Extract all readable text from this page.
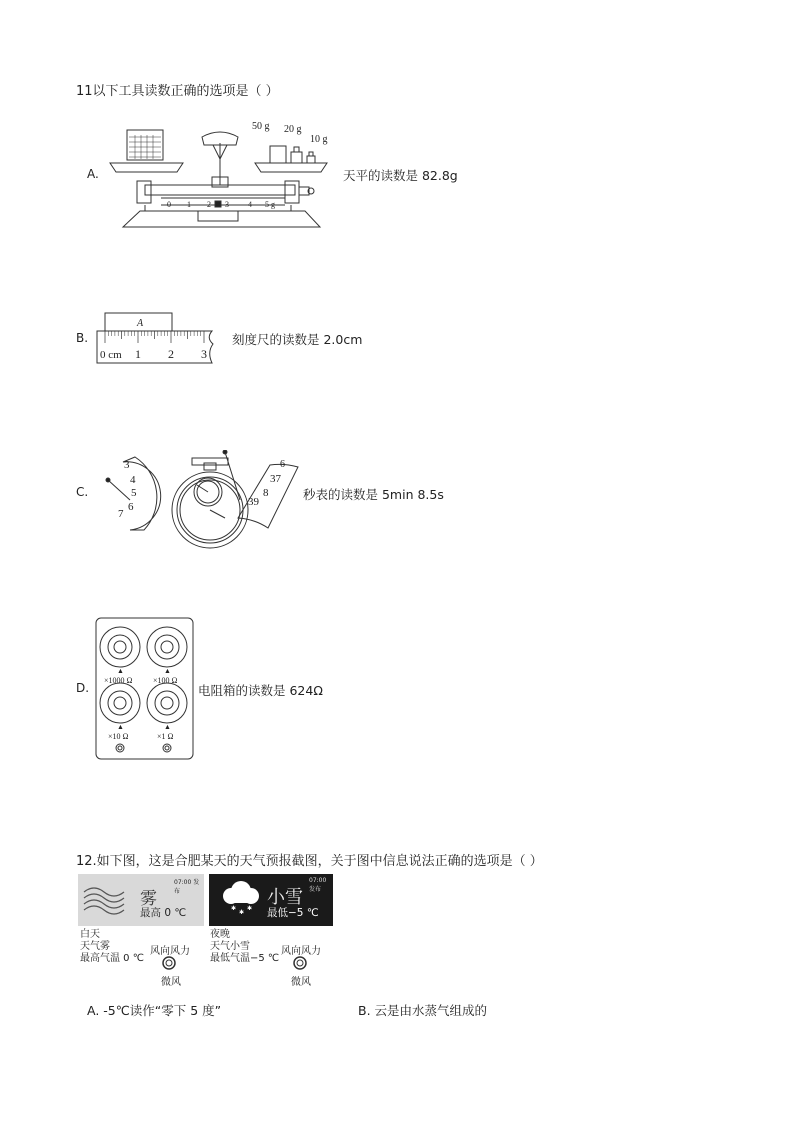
11以下工具读数正确的选项是（ ）
A.
50 g 20 g
10 g
0 1 2 3 4 5 g
天平的读数是 82.8g
B.
A
0 cm 1 2 3
刻度尺的读数是 2.0cm
C.
3
4
5
6
7
6
37
8
39	秒表的读数是 5min 8.5s
D.
▲	▲
▲	▲
×1000 Ω	×100 Ω
×10 Ω	×1 Ω
电阻箱的读数是 624Ω
12.如下图，这是合肥某天的天气预报截图，关于图中信息说法正确的选项是（ ）
07:00 发布
雾
最高 0 ℃	✱
✱
✱
07:00 发布
小雪
最低−5 ℃
白天
天气雾
最高气温 0 ℃
风向风力
微风
夜晚
天气小雪
最低气温−5 ℃
风向风力
微风
A. -5℃读作“零下 5 度”	B. 云是由水蒸气组成的
